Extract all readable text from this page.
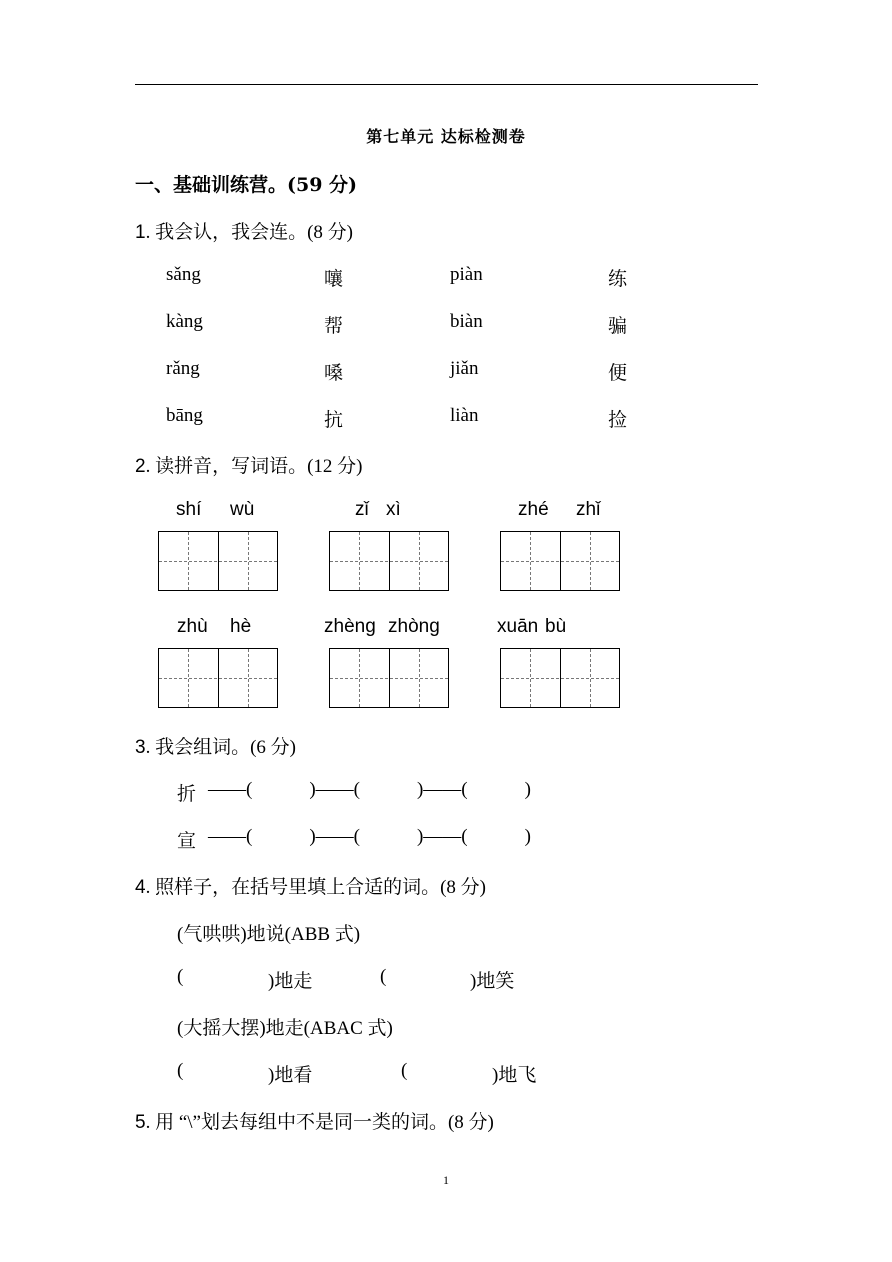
第七单元 达标检测卷
一、基础训练营。(59 分)
1. 我会认，我会连。(8 分)
sǎng	嚷	piàn	练
kàng	帮	biàn	骗
rǎng	嗓	jiǎn	便
bāng	抗	liàn	捡
2. 读拼音，写词语。(12 分)
shí wù	zǐ xì	zhé zhǐ
zhù hè	zhèng zhòng	xuān bù
3. 我会组词。(6 分)
折 ——(            )——(            )——(            )
宣 ——(            )——(            )——(            )
4. 照样子，在括号里填上合适的词。(8 分)
(气哄哄)地说(ABB 式)
(	)地走	(	)地笑
(大摇大摆)地走(ABAC 式)
(	)地看	(	)地飞
5. 用 “\”划去每组中不是同一类的词。(8 分)
1
